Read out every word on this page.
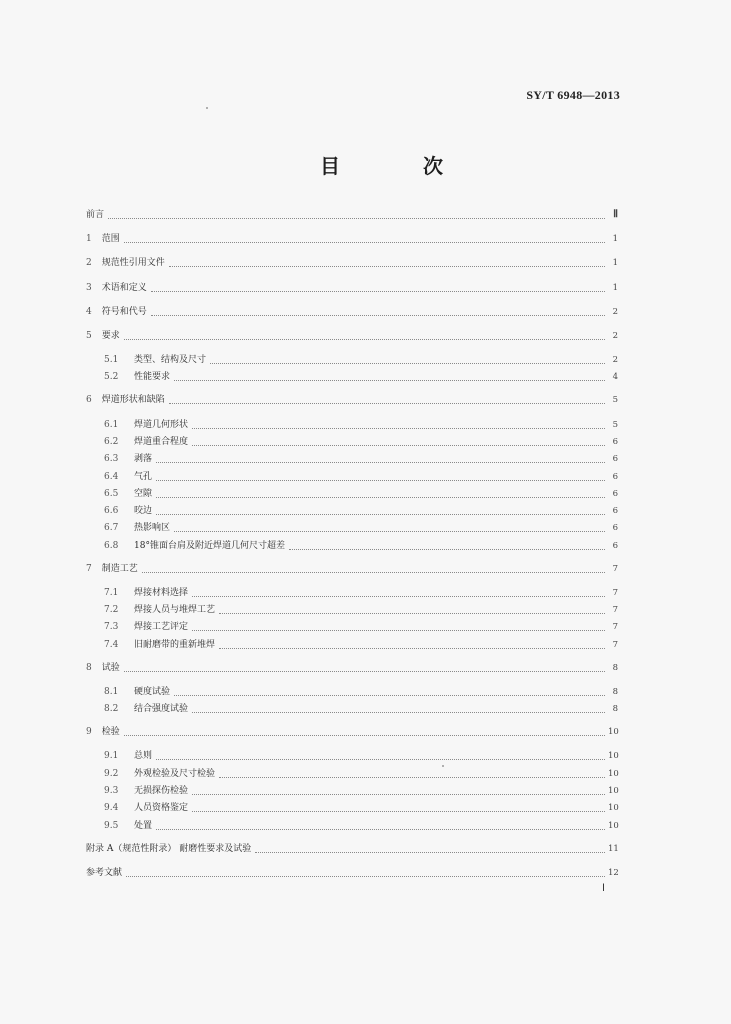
SY/T 6948—2013
目 次
前言	Ⅱ
1 范围	1
2 规范性引用文件	1
3 术语和定义	1
4 符号和代号	2
5 要求	2
5.1	类型、结构及尺寸	2
5.2	性能要求	4
6 焊道形状和缺陷	5
6.1	焊道几何形状	5
6.2	焊道重合程度	6
6.3	剥落	6
6.4	气孔	6
6.5	空隙	6
6.6	咬边	6
6.7	热影响区	6
6.8	18°锥面台肩及附近焊道几何尺寸超差	6
7 制造工艺	7
7.1	焊接材料选择	7
7.2	焊接人员与堆焊工艺	7
7.3	焊接工艺评定	7
7.4	旧耐磨带的重新堆焊	7
8 试验	8
8.1	硬度试验	8
8.2	结合强度试验	8
9 检验	10
9.1	总则	10
9.2	外观检验及尺寸检验	10
9.3	无损探伤检验	10
9.4	人员资格鉴定	10
9.5	处置	10
附录 A（规范性附录） 耐磨性要求及试验	11
参考文献	12
Ⅰ
